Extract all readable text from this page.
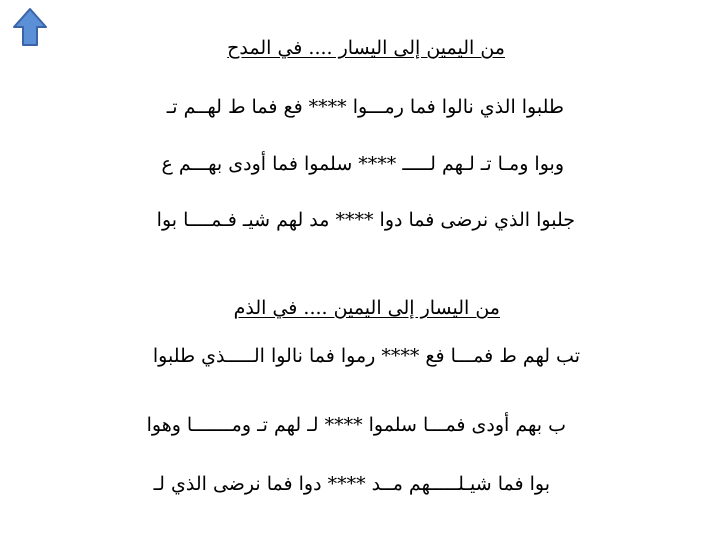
من اليمين إلى اليسار .... في المدح
طلبوا الذي نالوا فما رمـــوا **** فع فما ط لهــم تـ
وبوا ومـا تـ لـهم لـــــ **** سلموا فما أودى بهـــم ع
جلبوا الذي نرضى فما دوا **** مد لهم شيـ فـمــــا بوا
من اليسار إلى اليمين .... في الذم
تب لهم ط فمـــا فع **** رموا فما نالوا الـــــذي طلبوا
ب بهم أودى فمـــا سلموا **** لـ لهم تـ ومـــــــا وهوا
بوا فما شيـلـــــهم مــد **** دوا فما نرضى الذي لـ
